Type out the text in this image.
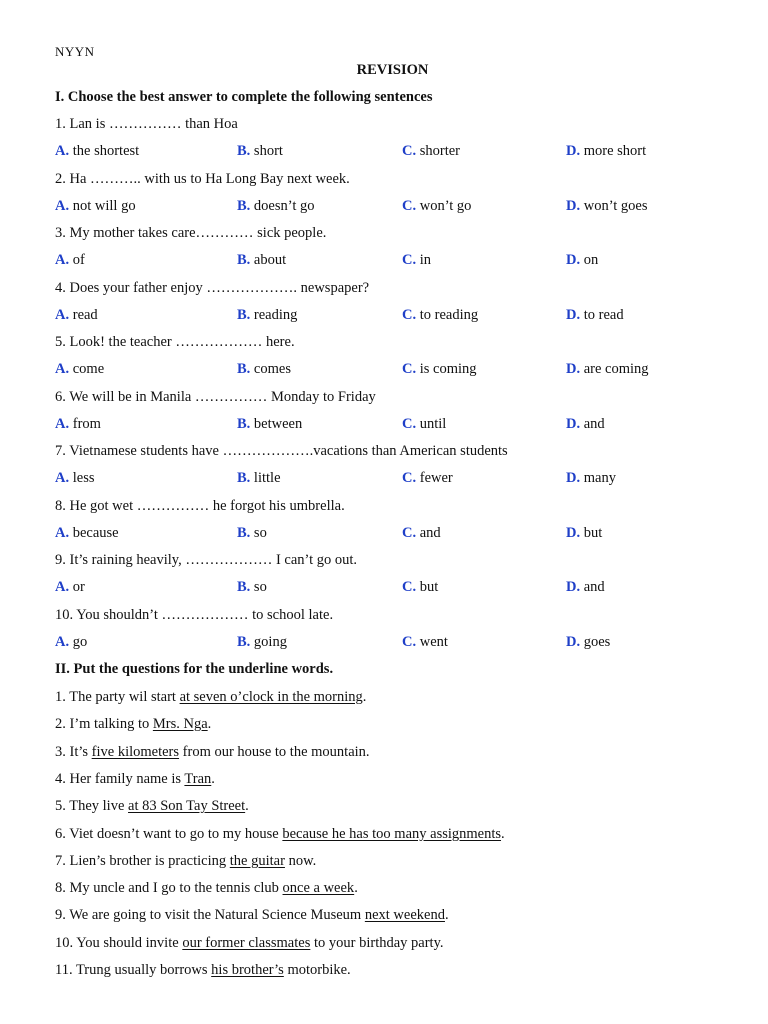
NYYN
REVISION
I. Choose the best answer to complete the following sentences
1. Lan is …………… than Hoa
A. the shortest	B. short	C. shorter	D. more short
2. Ha ……….. with us to Ha Long Bay next week.
A. not will go	B. doesn’t go	C. won’t go	D. won’t goes
3. My mother takes care………… sick people.
A. of	B. about	C. in	D. on
4. Does your father enjoy ………………. newspaper?
A. read	B. reading	C. to reading	D. to read
5. Look! the teacher ……………… here.
A. come	B. comes	C. is coming	D. are coming
6. We will be in Manila …………… Monday to Friday
A. from	B. between	C. until	D. and
7. Vietnamese students have ……………….vacations than American students
A. less	B. little	C. fewer	D. many
8. He got wet …………… he forgot his umbrella.
A. because	B. so	C. and	D. but
9. It’s raining heavily, ……………… I can’t go out.
A. or	B. so	C. but	D. and
10. You shouldn’t ……………… to school late.
A. go	B. going	C. went	D. goes
II. Put the questions for the underline words.
1. The party wil start at seven o’clock in the morning.
2. I’m talking to Mrs. Nga.
3. It’s five kilometers from our house to the mountain.
4. Her family name is Tran.
5. They live at 83 Son Tay Street.
6. Viet doesn’t want to go to my house because he has too many assignments.
7. Lien’s brother is practicing the guitar now.
8. My uncle and I go to the tennis club once a week.
9. We are going to visit the Natural Science Museum next weekend.
10. You should invite our former classmates to your birthday party.
11. Trung usually borrows his brother’s motorbike.
